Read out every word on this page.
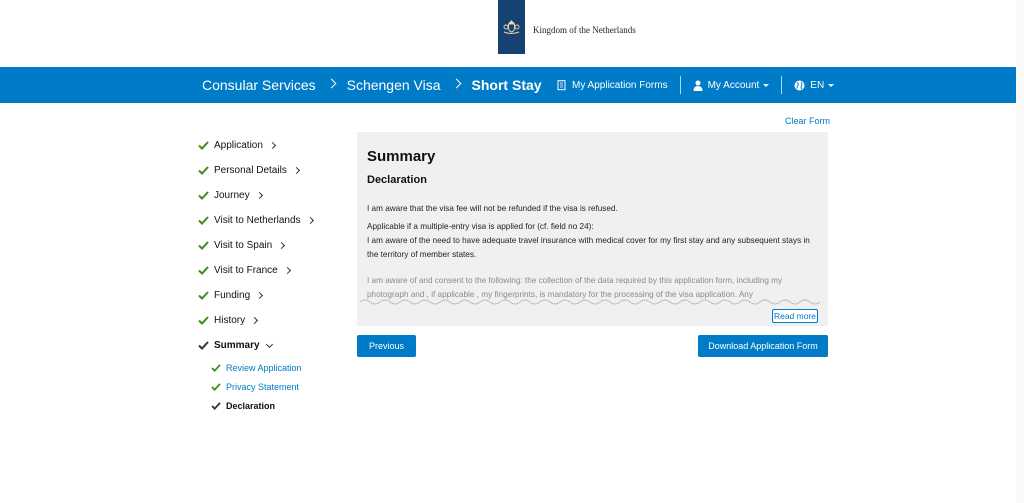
Kingdom of the Netherlands
Consular Services Schengen Visa Short Stay	My Application Forms	My Account	EN
Clear Form
Application
Personal Details
Journey
Visit to Netherlands
Visit to Spain
Visit to France
Funding
History
Summary
Review Application
Privacy Statement
Declaration
Summary
Declaration

I am aware that the visa fee will not be refunded if the visa is refused.

Applicable if a multiple-entry visa is applied for (cf. field no 24):
I am aware of the need to have adequate travel insurance with medical cover for my first stay and any subsequent stays in the territory of member states.

I am aware of and consent to the following: the collection of the data required by this application form, including my photograph and , if applicable , my fingerprints, is mandatory for the processing of the visa application. Any

Read more
Previous	Download Application Form
